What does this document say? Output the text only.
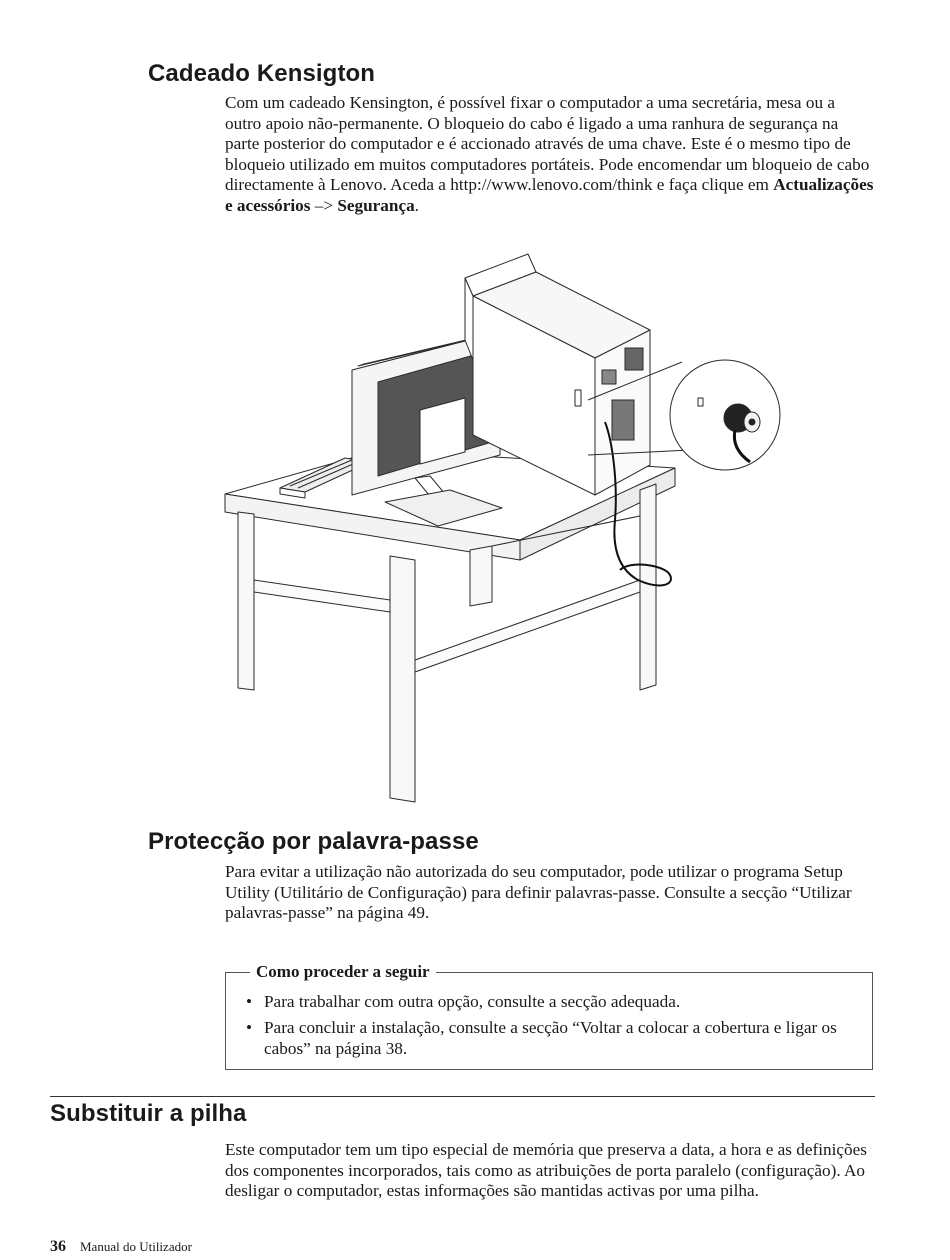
Cadeado Kensigton

Com um cadeado Kensington, é possível fixar o computador a uma secretária, mesa ou a outro apoio não-permanente. O bloqueio do cabo é ligado a uma ranhura de segurança na parte posterior do computador e é accionado através de uma chave. Este é o mesmo tipo de bloqueio utilizado em muitos computadores portáteis. Pode encomendar um bloqueio de cabo directamente à Lenovo. Aceda a http://www.lenovo.com/think e faça clique em Actualizações e acessórios –> Segurança.

Protecção por palavra-passe

Para evitar a utilização não autorizada do seu computador, pode utilizar o programa Setup Utility (Utilitário de Configuração) para definir palavras-passe. Consulte a secção “Utilizar palavras-passe” na página 49.

Como proceder a seguir
• Para trabalhar com outra opção, consulte a secção adequada.
• Para concluir a instalação, consulte a secção “Voltar a colocar a cobertura e ligar os cabos” na página 38.
Substituir a pilha

Este computador tem um tipo especial de memória que preserva a data, a hora e as definições dos componentes incorporados, tais como as atribuições de porta paralelo (configuração). Ao desligar o computador, estas informações são mantidas activas por uma pilha.

36 Manual do Utilizador
